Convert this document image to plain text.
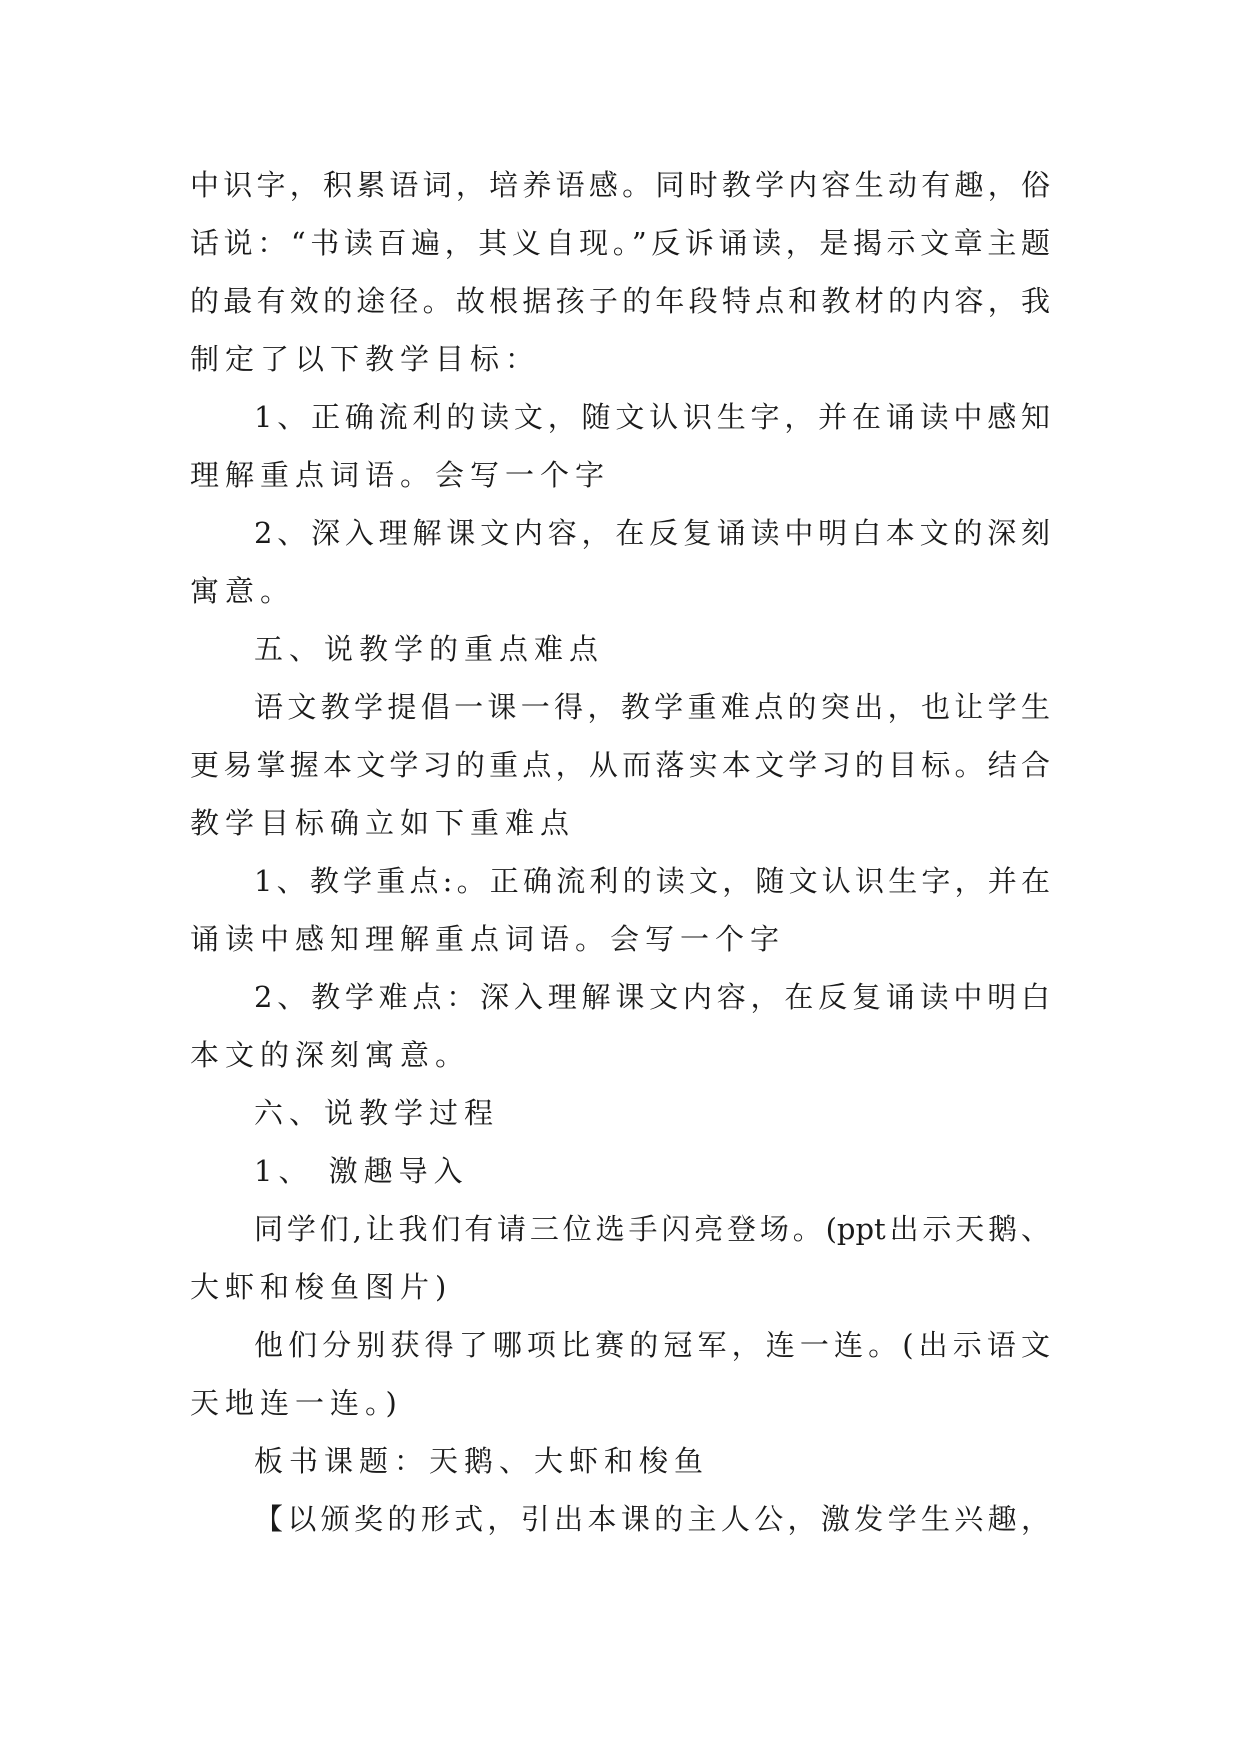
中识字，积累语词，培养语感。同时教学内容生动有趣，俗
话说：“书读百遍，其义自现。”反诉诵读，是揭示文章主题
的最有效的途径。故根据孩子的年段特点和教材的内容，我
制定了以下教学目标：
1、正确流利的读文，随文认识生字，并在诵读中感知
理解重点词语。会写一个字
2、深入理解课文内容，在反复诵读中明白本文的深刻
寓意。
五、说教学的重点难点
语文教学提倡一课一得，教学重难点的突出，也让学生
更易掌握本文学习的重点，从而落实本文学习的目标。结合
教学目标确立如下重难点
1、教学重点:。正确流利的读文，随文认识生字，并在
诵读中感知理解重点词语。会写一个字
2、教学难点：深入理解课文内容，在反复诵读中明白
本文的深刻寓意。
六、说教学过程
1、 激趣导入
同学们,让我们有请三位选手闪亮登场。(ppt出示天鹅、
大虾和梭鱼图片)
他们分别获得了哪项比赛的冠军，连一连。(出示语文
天地连一连。)
板书课题：天鹅、大虾和梭鱼
【以颁奖的形式，引出本课的主人公，激发学生兴趣，
